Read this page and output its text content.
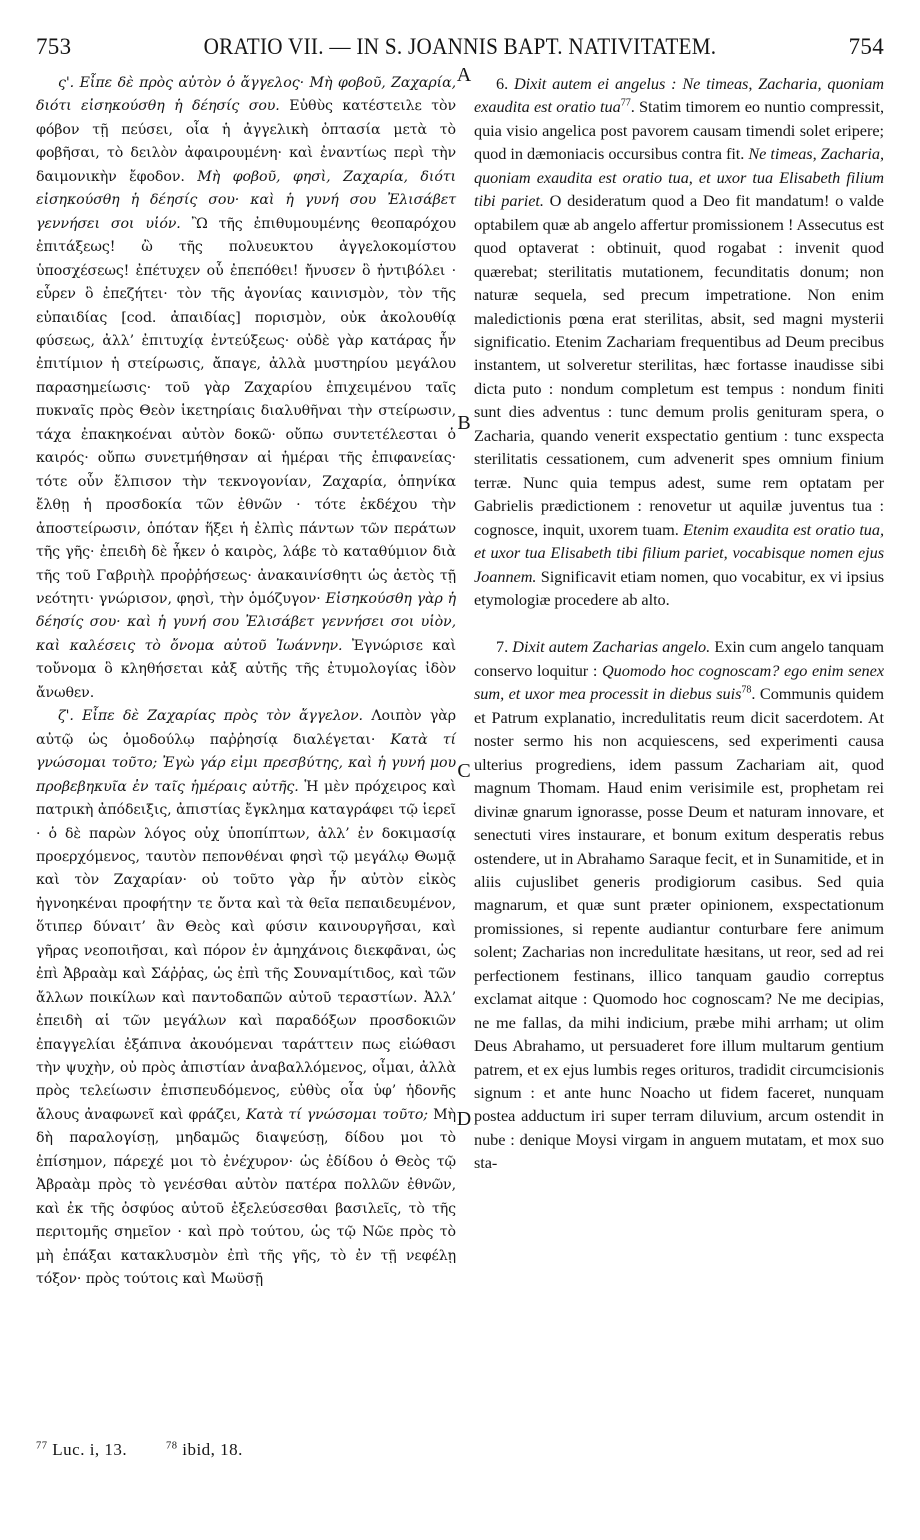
753	ORATIO VII. — IN S. JOANNIS BAPT. NATIVITATEM.	754

ς'. Εἶπε δὲ πρὸς αὐτὸν ὁ ἄγγελος· Μὴ φοβοῦ, Ζαχαρία, διότι εἰσηκούσθη ἡ δέησίς σου. Εὐθὺς κατέστειλε τὸν φόβον τῇ πεύσει, οἷα ἡ ἀγγελικὴ ὀπτασία μετὰ τὸ φοβῆσαι, τὸ δειλὸν ἀφαιρουμένη· καὶ ἐναντίως περὶ τὴν δαιμονικὴν ἔφοδον. Μὴ φοβοῦ, φησὶ, Ζαχαρία, διότι εἰσηκούσθη ἡ δέησίς σου· καὶ ἡ γυνή σου Ἐλισάβετ γεννήσει σοι υἱόν. Ὢ τῆς ἐπιθυμουμένης θεοπαρόχου ἐπιτάξεως! ὢ τῆς πολυευκτου ἀγγελοκομίστου ὑποσχέσεως! ἐπέτυχεν οὗ ἐπεπόθει! ἤνυσεν ὃ ἠντιβόλει · εὗρεν ὃ ἐπεζήτει· τὸν τῆς ἀγονίας καινισμὸν, τὸν τῆς εὐπαιδίας [cod. ἀπαιδίας] πορισμὸν, οὐκ ἀκολουθίᾳ φύσεως, ἀλλ’ ἐπιτυχίᾳ ἐντεύξεως· οὐδὲ γὰρ κατάρας ἦν ἐπιτίμιον ἡ στείρωσις, ἄπαγε, ἀλλὰ μυστηρίου μεγάλου παρασημείωσις· τοῦ γὰρ Ζαχαρίου ἐπιχειμένου ταῖς πυκναῖς πρὸς Θεὸν ἱκετηρίαις διαλυθῆναι τὴν στείρωσιν, τάχα ἐπακηκοέναι αὐτὸν δοκῶ· οὔπω συντετέλεσται ὁ καιρός· οὔπω συνετμήθησαν αἱ ἡμέραι τῆς ἐπιφανείας· τότε οὖν ἔλπισον τὴν τεκνογονίαν, Ζαχαρία, ὁπηνίκα ἔλθῃ ἡ προσδοκία τῶν ἐθνῶν · τότε ἐκδέχου τὴν ἀποστείρωσιν, ὁπόταν ἥξει ἡ ἐλπὶς πάντων τῶν περάτων τῆς γῆς· ἐπειδὴ δὲ ἧκεν ὁ καιρὸς, λάβε τὸ καταθύμιον διὰ τῆς τοῦ Γαβριὴλ προῤῥήσεως· ἀνακαινίσθητι ὡς ἀετὸς τῇ νεότητι· γνώρισον, φησὶ, τὴν ὁμόζυγον· Εἰσηκούσθη γὰρ ἡ δέησίς σου· καὶ ἡ γυνή σου Ἐλισάβετ γεννήσει σοι υἱὸν, καὶ καλέσεις τὸ ὄνομα αὐτοῦ Ἰωάννην. Ἐγνώρισε καὶ τοὔνομα ὃ κληθήσεται κἀξ αὐτῆς τῆς ἐτυμολογίας ἰδὸν ἄνωθεν.

ζ'. Εἶπε δὲ Ζαχαρίας πρὸς τὸν ἄγγελον. Λοιπὸν γὰρ αὐτῷ ὡς ὁμοδούλῳ παῤῥησίᾳ διαλέγεται· Κατὰ τί γνώσομαι τοῦτο; Ἐγὼ γάρ εἰμι πρεσβύτης, καὶ ἡ γυνή μου προβεβηκυῖα ἐν ταῖς ἡμέραις αὐτῆς. Ἡ μὲν πρόχειρος καὶ πατρικὴ ἀπόδειξις, ἀπιστίας ἔγκλημα καταγράφει τῷ ἱερεῖ · ὁ δὲ παρὼν λόγος οὐχ ὑποπίπτων, ἀλλ’ ἐν δοκιμασίᾳ προερχόμενος, ταυτὸν πεπονθέναι φησὶ τῷ μεγάλῳ Θωμᾷ καὶ τὸν Ζαχαρίαν· οὐ τοῦτο γὰρ ἦν αὐτὸν εἰκὸς ἠγνοηκέναι προφήτην τε ὄντα καὶ τὰ θεῖα πεπαιδευμένον, ὅτιπερ δύναιτ’ ἂν Θεὸς καὶ φύσιν καινουργῆσαι, καὶ γῆρας νεοποιῆσαι, καὶ πόρον ἐν ἀμηχάνοις διεκφᾶναι, ὡς ἐπὶ Ἀβραὰμ καὶ Σάῤῥας, ὡς ἐπὶ τῆς Σουναμίτιδος, καὶ τῶν ἄλλων ποικίλων καὶ παντοδαπῶν αὐτοῦ τεραστίων. Ἀλλ’ ἐπειδὴ αἱ τῶν μεγάλων καὶ παραδόξων προσδοκιῶν ἐπαγγελίαι ἐξάπινα ἀκουόμεναι ταράττειν πως εἰώθασι τὴν ψυχὴν, οὐ πρὸς ἀπιστίαν ἀναβαλλόμενος, οἶμαι, ἀλλὰ πρὸς τελείωσιν ἐπισπευδόμενος, εὐθὺς οἷα ὑφ’ ἡδονῆς ἄλους ἀναφωνεῖ καὶ φράζει, Κατὰ τί γνώσομαι τοῦτο; Μὴ δὴ παραλογίσῃ, μηδαμῶς διαψεύσῃ, δίδου μοι τὸ ἐπίσημον, πάρεχέ μοι τὸ ἐνέχυρον· ὡς ἐδίδου ὁ Θεὸς τῷ Ἀβραὰμ πρὸς τὸ γενέσθαι αὐτὸν πατέρα πολλῶν ἐθνῶν, καὶ ἐκ τῆς ὀσφύος αὐτοῦ ἐξελεύσεσθαι βασιλεῖς, τὸ τῆς περιτομῆς σημεῖον · καὶ πρὸ τούτου, ὡς τῷ Νῶε πρὸς τὸ μὴ ἐπάξαι κατακλυσμὸν ἐπὶ τῆς γῆς, τὸ ἐν τῇ νεφέλῃ τόξον· πρὸς τούτοις καὶ Μωϋσῇ

A
B
C
D

6. Dixit autem ei angelus : Ne timeas, Zacharia, quoniam exaudita est oratio tua$^{77}$. Statim timorem eo nuntio compressit, quia visio angelica post pavorem causam timendi solet eripere; quod in dæmoniacis occursibus contra fit. Ne timeas, Zacharia, quoniam exaudita est oratio tua, et uxor tua Elisabeth filium tibi pariet. O desideratum quod a Deo fit mandatum! o valde optabilem quæ ab angelo affertur promissionem ! Assecutus est quod optaverat : obtinuit, quod rogabat : invenit quod quærebat; sterilitatis mutationem, fecunditatis donum; non naturæ sequela, sed precum impetratione. Non enim maledictionis pœna erat sterilitas, absit, sed magni mysterii significatio. Etenim Zachariam frequentibus ad Deum precibus instantem, ut solveretur sterilitas, hæc fortasse inaudisse sibi dicta puto : nondum completum est tempus : nondum finiti sunt dies adventus : tunc demum prolis genituram spera, o Zacharia, quando venerit exspectatio gentium : tunc exspecta sterilitatis cessationem, cum advenerit spes omnium finium terræ. Nunc quia tempus adest, sume rem optatam per Gabrielis prædictionem : renovetur ut aquilæ juventus tua : cognosce, inquit, uxorem tuam. Etenim exaudita est oratio tua, et uxor tua Elisabeth tibi filium pariet, vocabisque nomen ejus Joannem. Significavit etiam nomen, quo vocabitur, ex vi ipsius etymologiæ procedere ab alto.

7. Dixit autem Zacharias angelo. Exin cum angelo tanquam conservo loquitur : Quomodo hoc cognoscam? ego enim senex sum, et uxor mea processit in diebus suis$^{78}$. Communis quidem et Patrum explanatio, incredulitatis reum dicit sacerdotem. At noster sermo his non acquiescens, sed experimenti causa ulterius progrediens, idem passum Zachariam ait, quod magnum Thomam. Haud enim verisimile est, prophetam rei divinæ gnarum ignorasse, posse Deum et naturam innovare, et senectuti vires instaurare, et bonum exitum desperatis rebus ostendere, ut in Abrahamo Saraque fecit, et in Sunamitide, et in aliis cujuslibet generis prodigiorum casibus. Sed quia magnarum, et quæ sunt præter opinionem, exspectationum promissiones, si repente audiantur conturbare fere animum solent; Zacharias non incredulitate hæsitans, ut reor, sed ad rei perfectionem festinans, illico tanquam gaudio correptus exclamat aitque : Quomodo hoc cognoscam? Ne me decipias, ne me fallas, da mihi indicium, præbe mihi arrham; ut olim Deus Abrahamo, ut persuaderet fore illum multarum gentium patrem, et ex ejus lumbis reges orituros, tradidit circumcisionis signum : et ante hunc Noacho ut fidem faceret, nunquam postea adductum iri super terram diluvium, arcum ostendit in nube : denique Moysi virgam in anguem mutatam, et mox suo sta-

$^{77}$ Luc. i, 13.	$^{78}$ ibid, 18.
